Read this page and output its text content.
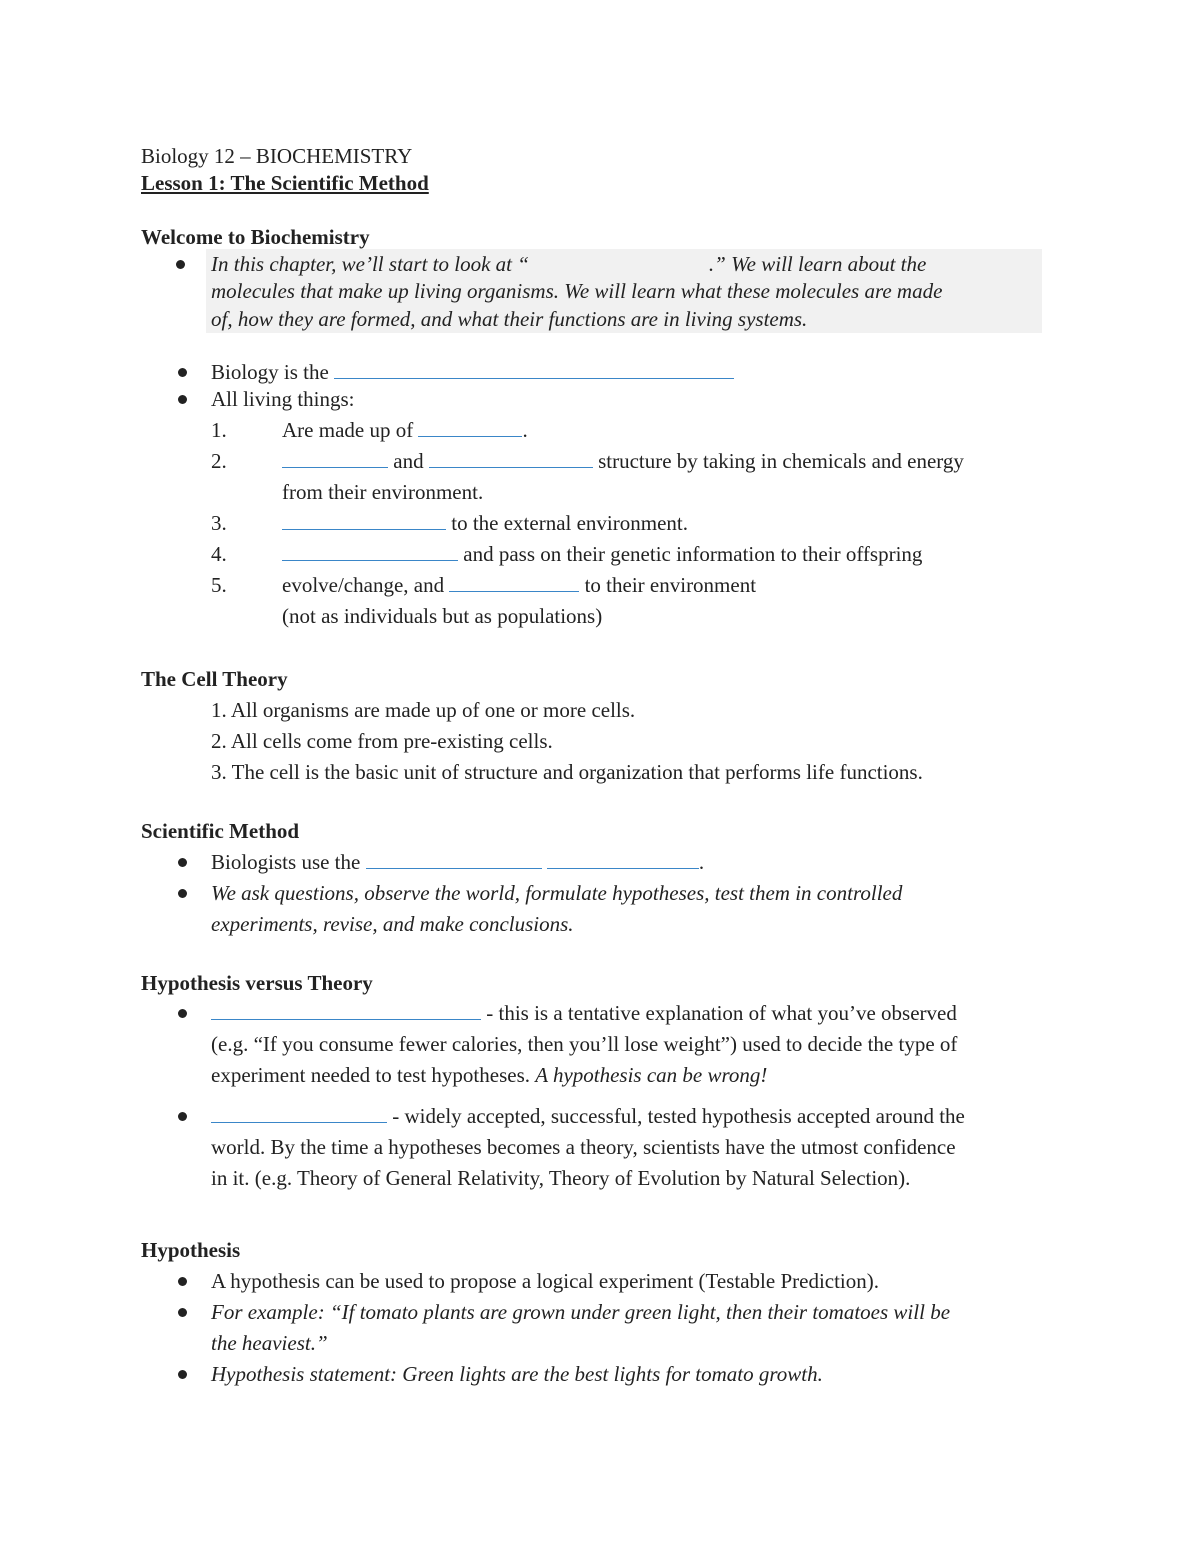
Biology 12 – BIOCHEMISTRY
Lesson 1: The Scientific Method
Welcome to Biochemistry
In this chapter, we’ll start to look at “	.” We will learn about the
molecules that make up living organisms. We will learn what these molecules are made
of, how they are formed, and what their functions are in living systems.
Biology is the
All living things:
1.	Are made up of	.
2.	and	structure by taking in chemicals and energy
from their environment.
3.	to the external environment.
4.	and pass on their genetic information to their offspring
5.	evolve/change, and	to their environment
(not as individuals but as populations)
The Cell Theory
1. All organisms are made up of one or more cells.
2. All cells come from pre-existing cells.
3. The cell is the basic unit of structure and organization that performs life functions.
Scientific Method
Biologists use the	.
We ask questions, observe the world, formulate hypotheses, test them in controlled
experiments, revise, and make conclusions.
Hypothesis versus Theory
- this is a tentative explanation of what you’ve observed
(e.g. “If you consume fewer calories, then you’ll lose weight”) used to decide the type of
experiment needed to test hypotheses. A hypothesis can be wrong!
- widely accepted, successful, tested hypothesis accepted around the
world. By the time a hypotheses becomes a theory, scientists have the utmost confidence
in it. (e.g. Theory of General Relativity, Theory of Evolution by Natural Selection).
Hypothesis
A hypothesis can be used to propose a logical experiment (Testable Prediction).
For example: “If tomato plants are grown under green light, then their tomatoes will be
the heaviest.”
Hypothesis statement: Green lights are the best lights for tomato growth.
